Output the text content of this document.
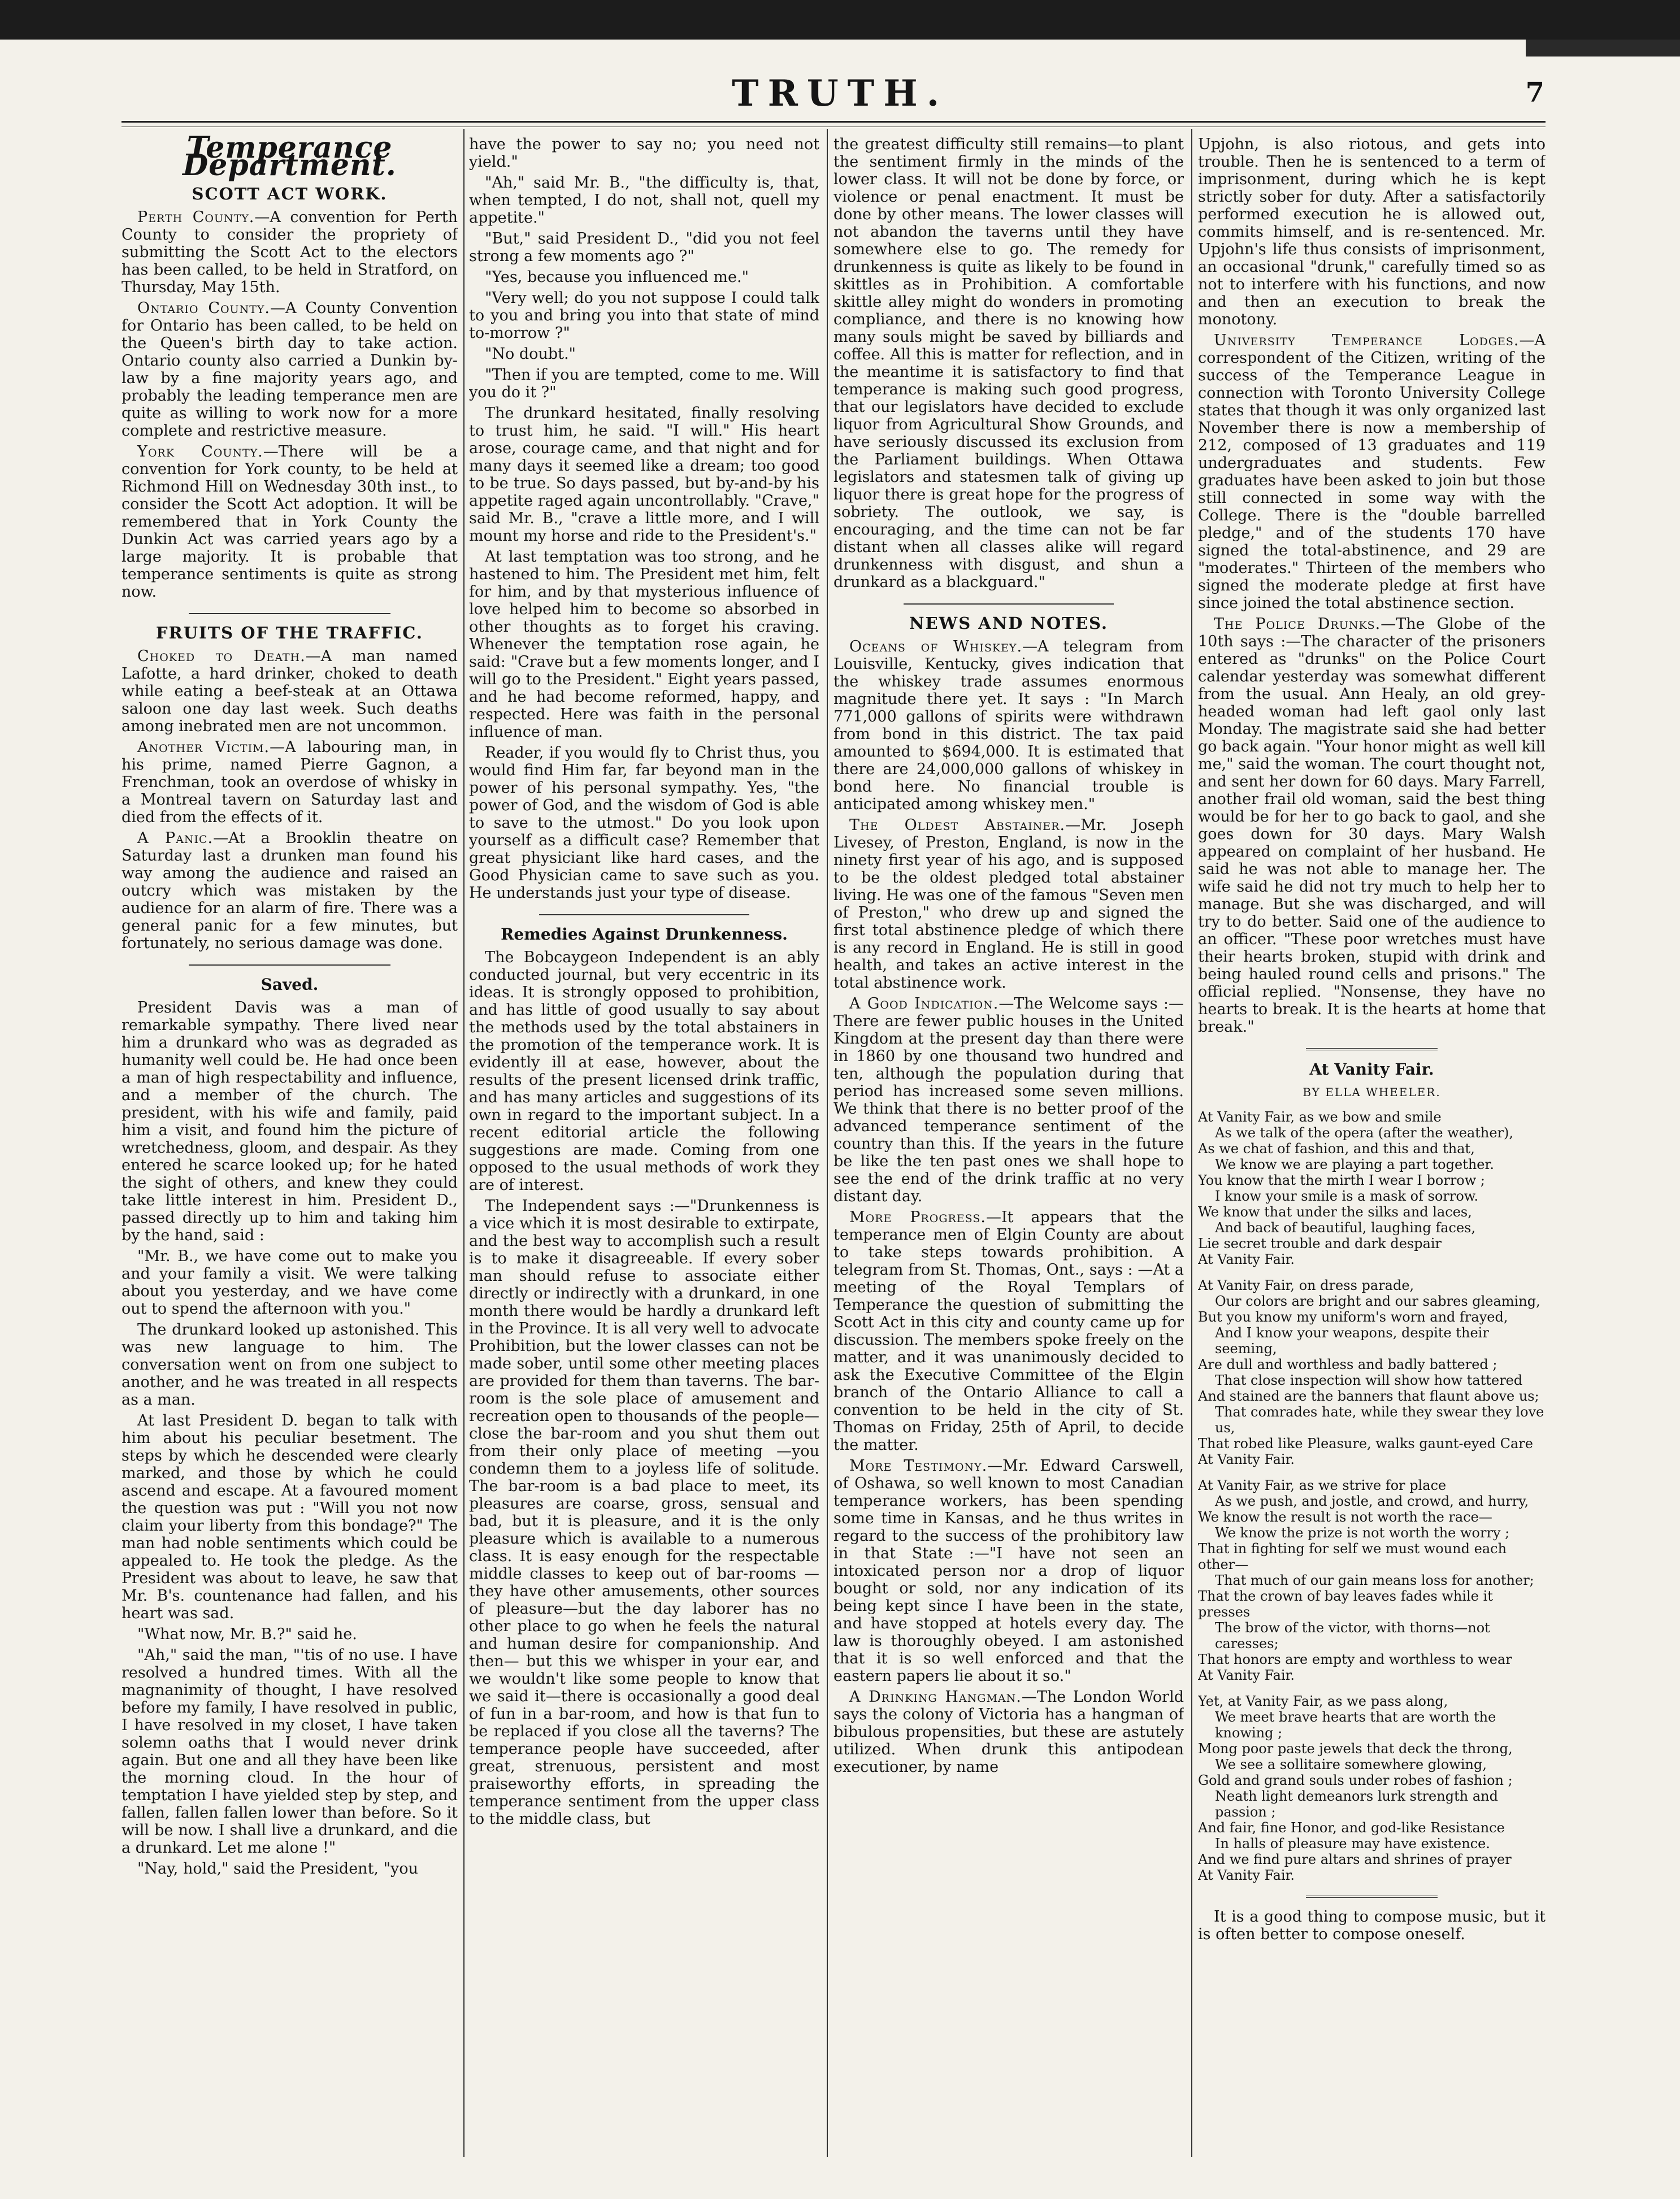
TRUTH.	7
Temperance Department.
SCOTT ACT WORK.

Perth County.—A convention for Perth County to consider the propriety of submitting the Scott Act to the electors has been called, to be held in Stratford, on Thursday, May 15th.

Ontario County.—A County Convention for Ontario has been called, to be held on the Queen's birth day to take action. Ontario county also carried a Dunkin by-law by a fine majority years ago, and probably the leading temperance men are quite as willing to work now for a more complete and restrictive measure.

York County.—There will be a convention for York county, to be held at Richmond Hill on Wednesday 30th inst., to consider the Scott Act adoption. It will be remembered that in York County the Dunkin Act was carried years ago by a large majority. It is probable that temperance sentiments is quite as strong now.

FRUITS OF THE TRAFFIC.

Choked to Death.—A man named Lafotte, a hard drinker, choked to death while eating a beef-steak at an Ottawa saloon one day last week. Such deaths among inebrated men are not uncommon.

Another Victim.—A labouring man, in his prime, named Pierre Gagnon, a Frenchman, took an overdose of whisky in a Montreal tavern on Saturday last and died from the effects of it.

A Panic.—At a Brooklin theatre on Saturday last a drunken man found his way among the audience and raised an outcry which was mistaken by the audience for an alarm of fire. There was a general panic for a few minutes, but fortunately, no serious damage was done.

Saved.

President Davis was a man of remarkable sympathy. There lived near him a drunkard who was as degraded as humanity well could be. He had once been a man of high respectability and influence, and a member of the church. The president, with his wife and family, paid him a visit, and found him the picture of wretchedness, gloom, and despair. As they entered he scarce looked up; for he hated the sight of others, and knew they could take little interest in him. President D., passed directly up to him and taking him by the hand, said :

"Mr. B., we have come out to make you and your family a visit. We were talking about you yesterday, and we have come out to spend the afternoon with you."

The drunkard looked up astonished. This was new language to him. The conversation went on from one subject to another, and he was treated in all respects as a man.

At last President D. began to talk with him about his peculiar besetment. The steps by which he descended were clearly marked, and those by which he could ascend and escape. At a favoured moment the question was put : "Will you not now claim your liberty from this bondage?" The man had noble sentiments which could be appealed to. He took the pledge. As the President was about to leave, he saw that Mr. B's. countenance had fallen, and his heart was sad.

"What now, Mr. B.?" said he.

"Ah," said the man, "'tis of no use. I have resolved a hundred times. With all the magnanimity of thought, I have resolved before my family, I have resolved in public, I have resolved in my closet, I have taken solemn oaths that I would never drink again. But one and all they have been like the morning cloud. In the hour of temptation I have yielded step by step, and fallen, fallen fallen lower than before. So it will be now. I shall live a drunkard, and die a drunkard. Let me alone !"

"Nay, hold," said the President, "you

have the power to say no; you need not yield."

"Ah," said Mr. B., "the difficulty is, that, when tempted, I do not, shall not, quell my appetite."

"But," said President D., "did you not feel strong a few moments ago ?"

"Yes, because you influenced me."

"Very well; do you not suppose I could talk to you and bring you into that state of mind to-morrow ?"

"No doubt."

"Then if you are tempted, come to me. Will you do it ?"

The drunkard hesitated, finally resolving to trust him, he said. "I will." His heart arose, courage came, and that night and for many days it seemed like a dream; too good to be true. So days passed, but by-and-by his appetite raged again uncontrollably. "Crave," said Mr. B., "crave a little more, and I will mount my horse and ride to the President's."

At last temptation was too strong, and he hastened to him. The President met him, felt for him, and by that mysterious influence of love helped him to become so absorbed in other thoughts as to forget his craving. Whenever the temptation rose again, he said: "Crave but a few moments longer, and I will go to the President." Eight years passed, and he had become reformed, happy, and respected. Here was faith in the personal influence of man.

Reader, if you would fly to Christ thus, you would find Him far, far beyond man in the power of his personal sympathy. Yes, "the power of God, and the wisdom of God is able to save to the utmost." Do you look upon yourself as a difficult case? Remember that great physiciant like hard cases, and the Good Physician came to save such as you. He understands just your type of disease.

Remedies Against Drunkenness.

The Bobcaygeon Independent is an ably conducted journal, but very eccentric in its ideas. It is strongly opposed to prohibition, and has little of good usually to say about the methods used by the total abstainers in the promotion of the temperance work. It is evidently ill at ease, however, about the results of the present licensed drink traffic, and has many articles and suggestions of its own in regard to the important subject. In a recent editorial article the following suggestions are made. Coming from one opposed to the usual methods of work they are of interest.

The Independent says :—"Drunkenness is a vice which it is most desirable to extirpate, and the best way to accomplish such a result is to make it disagreeable. If every sober man should refuse to associate either directly or indirectly with a drunkard, in one month there would be hardly a drunkard left in the Province. It is all very well to advocate Prohibition, but the lower classes can not be made sober, until some other meeting places are provided for them than taverns. The bar-room is the sole place of amusement and recreation open to thousands of the people—close the bar-room and you shut them out from their only place of meeting —you condemn them to a joyless life of solitude. The bar-room is a bad place to meet, its pleasures are coarse, gross, sensual and bad, but it is pleasure, and it is the only pleasure which is available to a numerous class. It is easy enough for the respectable middle classes to keep out of bar-rooms — they have other amusements, other sources of pleasure—but the day laborer has no other place to go when he feels the natural and human desire for companionship. And then— but this we whisper in your ear, and we wouldn't like some people to know that we said it—there is occasionally a good deal of fun in a bar-room, and how is that fun to be replaced if you close all the taverns? The temperance people have succeeded, after great, strenuous, persistent and most praiseworthy efforts, in spreading the temperance sentiment from the upper class to the middle class, but

the greatest difficulty still remains—to plant the sentiment firmly in the minds of the lower class. It will not be done by force, or violence or penal enactment. It must be done by other means. The lower classes will not abandon the taverns until they have somewhere else to go. The remedy for drunkenness is quite as likely to be found in skittles as in Prohibition. A comfortable skittle alley might do wonders in promoting compliance, and there is no knowing how many souls might be saved by billiards and coffee. All this is matter for reflection, and in the meantime it is satisfactory to find that temperance is making such good progress, that our legislators have decided to exclude liquor from Agricultural Show Grounds, and have seriously discussed its exclusion from the Parliament buildings. When Ottawa legislators and statesmen talk of giving up liquor there is great hope for the progress of sobriety. The outlook, we say, is encouraging, and the time can not be far distant when all classes alike will regard drunkenness with disgust, and shun a drunkard as a blackguard."

NEWS AND NOTES.

Oceans of Whiskey.—A telegram from Louisville, Kentucky, gives indication that the whiskey trade assumes enormous magnitude there yet. It says : "In March 771,000 gallons of spirits were withdrawn from bond in this district. The tax paid amounted to $694,000. It is estimated that there are 24,000,000 gallons of whiskey in bond here. No financial trouble is anticipated among whiskey men."

The Oldest Abstainer.—Mr. Joseph Livesey, of Preston, England, is now in the ninety first year of his ago, and is supposed to be the oldest pledged total abstainer living. He was one of the famous "Seven men of Preston," who drew up and signed the first total abstinence pledge of which there is any record in England. He is still in good health, and takes an active interest in the total abstinence work.

A Good Indication.—The Welcome says :—There are fewer public houses in the United Kingdom at the present day than there were in 1860 by one thousand two hundred and ten, although the population during that period has increased some seven millions. We think that there is no better proof of the advanced temperance sentiment of the country than this. If the years in the future be like the ten past ones we shall hope to see the end of the drink traffic at no very distant day.

More Progress.—It appears that the temperance men of Elgin County are about to take steps towards prohibition. A telegram from St. Thomas, Ont., says : —At a meeting of the Royal Templars of Temperance the question of submitting the Scott Act in this city and county came up for discussion. The members spoke freely on the matter, and it was unanimously decided to ask the Executive Committee of the Elgin branch of the Ontario Alliance to call a convention to be held in the city of St. Thomas on Friday, 25th of April, to decide the matter.

More Testimony.—Mr. Edward Carswell, of Oshawa, so well known to most Canadian temperance workers, has been spending some time in Kansas, and he thus writes in regard to the success of the prohibitory law in that State :—"I have not seen an intoxicated person nor a drop of liquor bought or sold, nor any indication of its being kept since I have been in the state, and have stopped at hotels every day. The law is thoroughly obeyed. I am astonished that it is so well enforced and that the eastern papers lie about it so."

A Drinking Hangman.—The London World says the colony of Victoria has a hangman of bibulous propensities, but these are astutely utilized. When drunk this antipodean executioner, by name

Upjohn, is also riotous, and gets into trouble. Then he is sentenced to a term of imprisonment, during which he is kept strictly sober for duty. After a satisfactorily performed execution he is allowed out, commits himself, and is re-sentenced. Mr. Upjohn's life thus consists of imprisonment, an occasional "drunk," carefully timed so as not to interfere with his functions, and now and then an execution to break the monotony.

University Temperance Lodges.—A correspondent of the Citizen, writing of the success of the Temperance League in connection with Toronto University College states that though it was only organized last November there is now a membership of 212, composed of 13 graduates and 119 undergraduates and students. Few graduates have been asked to join but those still connected in some way with the College. There is the "double barrelled pledge," and of the students 170 have signed the total-abstinence, and 29 are "moderates." Thirteen of the members who signed the moderate pledge at first have since joined the total abstinence section.

The Police Drunks.—The Globe of the 10th says :—The character of the prisoners entered as "drunks" on the Police Court calendar yesterday was somewhat different from the usual. Ann Healy, an old grey-headed woman had left gaol only last Monday. The magistrate said she had better go back again. "Your honor might as well kill me," said the woman. The court thought not, and sent her down for 60 days. Mary Farrell, another frail old woman, said the best thing would be for her to go back to gaol, and she goes down for 30 days. Mary Walsh appeared on complaint of her husband. He said he was not able to manage her. The wife said he did not try much to help her to manage. But she was discharged, and will try to do better. Said one of the audience to an officer. "These poor wretches must have their hearts broken, stupid with drink and being hauled round cells and prisons." The official replied. "Nonsense, they have no hearts to break. It is the hearts at home that break."

At Vanity Fair.
BY ELLA WHEELER.
At Vanity Fair, as we bow and smile
As we talk of the opera (after the weather),
As we chat of fashion, and this and that,
We know we are playing a part together.
You know that the mirth I wear I borrow ;
I know your smile is a mask of sorrow.
We know that under the silks and laces,
And back of beautiful, laughing faces,
Lie secret trouble and dark despair
At Vanity Fair.
At Vanity Fair, on dress parade,
Our colors are bright and our sabres gleaming,
But you know my uniform's worn and frayed,
And I know your weapons, despite their seeming,
Are dull and worthless and badly battered ;
That close inspection will show how tattered
And stained are the banners that flaunt above us;
That comrades hate, while they swear they love us,
That robed like Pleasure, walks gaunt-eyed Care
At Vanity Fair.
At Vanity Fair, as we strive for place
As we push, and jostle, and crowd, and hurry,
We know the result is not worth the race—
We know the prize is not worth the worry ;
That in fighting for self we must wound each other—
That much of our gain means loss for another;
That the crown of bay leaves fades while it presses
The brow of the victor, with thorns—not caresses;
That honors are empty and worthless to wear
At Vanity Fair.
Yet, at Vanity Fair, as we pass along,
We meet brave hearts that are worth the knowing ;
Mong poor paste jewels that deck the throng,
We see a sollitaire somewhere glowing,
Gold and grand souls under robes of fashion ;
Neath light demeanors lurk strength and passion ;
And fair, fine Honor, and god-like Resistance
In halls of pleasure may have existence.
And we find pure altars and shrines of prayer
At Vanity Fair.

It is a good thing to compose music, but it is often better to compose oneself.
